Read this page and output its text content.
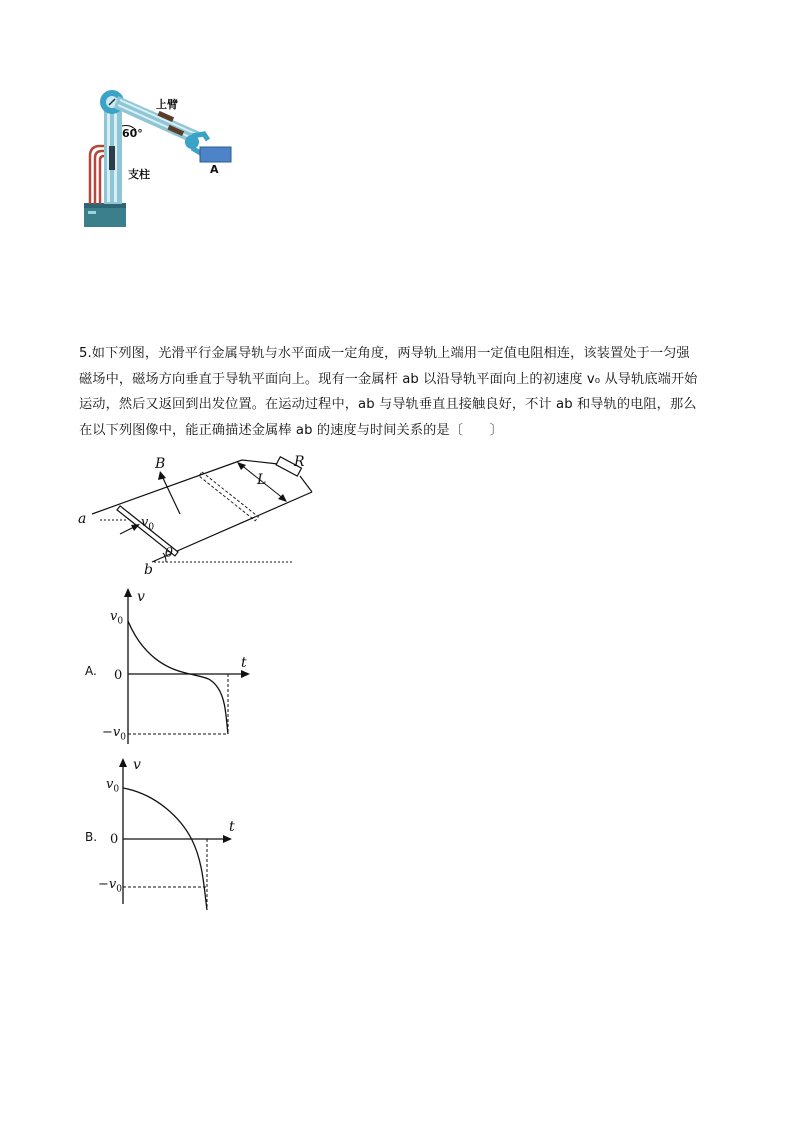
上臂
60°
支柱	A
5.如下列图，光滑平行金属导轨与水平面成一定角度，两导轨上端用一定值电阻相连，该装置处于一匀强
磁场中，磁场方向垂直于导轨平面向上。现有一金属杆 ab 以沿导轨平面向上的初速度 v₀ 从导轨底端开始
运动，然后又返回到出发位置。在运动过程中，ab 与导轨垂直且接触良好，不计 ab 和导轨的电阻，那么
在以下列图像中，能正确描述金属棒 ab 的速度与时间关系的是〔　　〕
B	R
L
a
b
$v_0$
θ
A.
v
t
$v_0$
0
$-v_0$
B.
v
t
$v_0$
0
$-v_0$
